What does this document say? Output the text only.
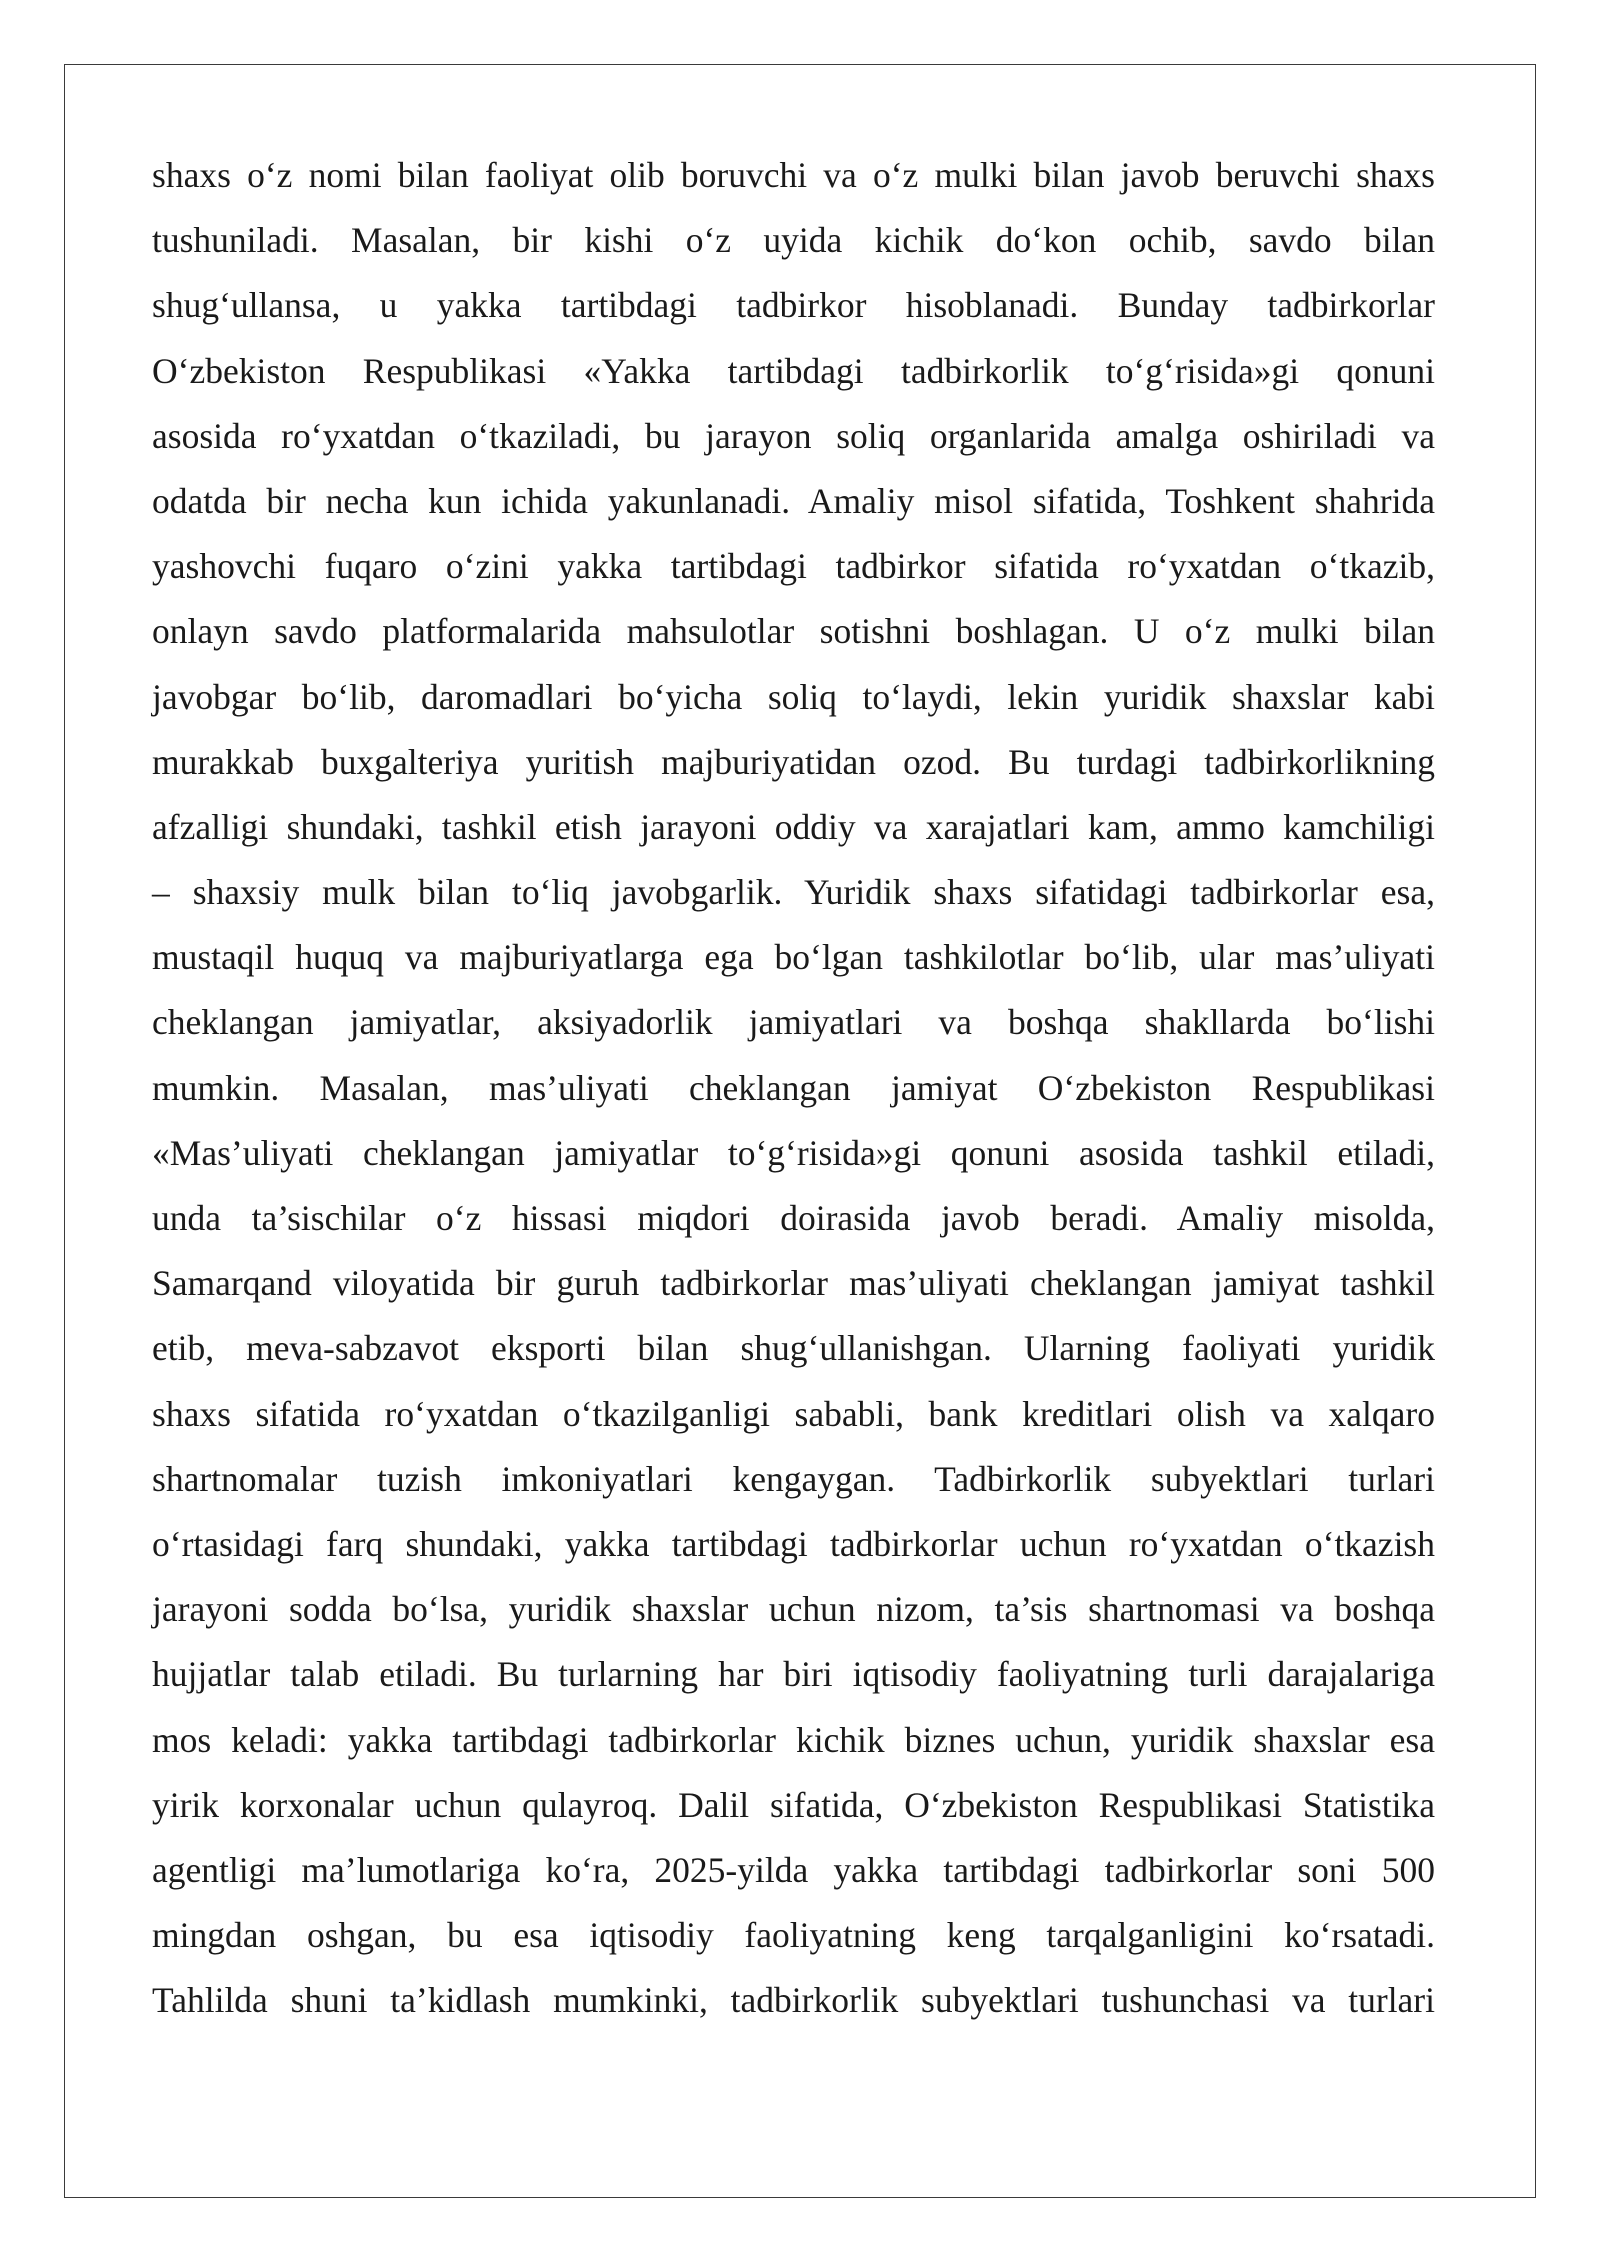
shaxs o‘z nomi bilan faoliyat olib boruvchi va o‘z mulki bilan javob beruvchi shaxs
tushuniladi. Masalan, bir kishi o‘z uyida kichik do‘kon ochib, savdo bilan
shug‘ullansa, u yakka tartibdagi tadbirkor hisoblanadi. Bunday tadbirkorlar
O‘zbekiston Respublikasi «Yakka tartibdagi tadbirkorlik to‘g‘risida»gi qonuni
asosida ro‘yxatdan o‘tkaziladi, bu jarayon soliq organlarida amalga oshiriladi va
odatda bir necha kun ichida yakunlanadi. Amaliy misol sifatida, Toshkent shahrida
yashovchi fuqaro o‘zini yakka tartibdagi tadbirkor sifatida ro‘yxatdan o‘tkazib,
onlayn savdo platformalarida mahsulotlar sotishni boshlagan. U o‘z mulki bilan
javobgar bo‘lib, daromadlari bo‘yicha soliq to‘laydi, lekin yuridik shaxslar kabi
murakkab buxgalteriya yuritish majburiyatidan ozod. Bu turdagi tadbirkorlikning
afzalligi shundaki, tashkil etish jarayoni oddiy va xarajatlari kam, ammo kamchiligi
– shaxsiy mulk bilan to‘liq javobgarlik. Yuridik shaxs sifatidagi tadbirkorlar esa,
mustaqil huquq va majburiyatlarga ega bo‘lgan tashkilotlar bo‘lib, ular mas’uliyati
cheklangan jamiyatlar, aksiyadorlik jamiyatlari va boshqa shakllarda bo‘lishi
mumkin. Masalan, mas’uliyati cheklangan jamiyat O‘zbekiston Respublikasi
«Mas’uliyati cheklangan jamiyatlar to‘g‘risida»gi qonuni asosida tashkil etiladi,
unda ta’sischilar o‘z hissasi miqdori doirasida javob beradi. Amaliy misolda,
Samarqand viloyatida bir guruh tadbirkorlar mas’uliyati cheklangan jamiyat tashkil
etib, meva-sabzavot eksporti bilan shug‘ullanishgan. Ularning faoliyati yuridik
shaxs sifatida ro‘yxatdan o‘tkazilganligi sababli, bank kreditlari olish va xalqaro
shartnomalar tuzish imkoniyatlari kengaygan. Tadbirkorlik subyektlari turlari
o‘rtasidagi farq shundaki, yakka tartibdagi tadbirkorlar uchun ro‘yxatdan o‘tkazish
jarayoni sodda bo‘lsa, yuridik shaxslar uchun nizom, ta’sis shartnomasi va boshqa
hujjatlar talab etiladi. Bu turlarning har biri iqtisodiy faoliyatning turli darajalariga
mos keladi: yakka tartibdagi tadbirkorlar kichik biznes uchun, yuridik shaxslar esa
yirik korxonalar uchun qulayroq. Dalil sifatida, O‘zbekiston Respublikasi Statistika
agentligi ma’lumotlariga ko‘ra, 2025-yilda yakka tartibdagi tadbirkorlar soni 500
mingdan oshgan, bu esa iqtisodiy faoliyatning keng tarqalganligini ko‘rsatadi.
Tahlilda shuni ta’kidlash mumkinki, tadbirkorlik subyektlari tushunchasi va turlari
